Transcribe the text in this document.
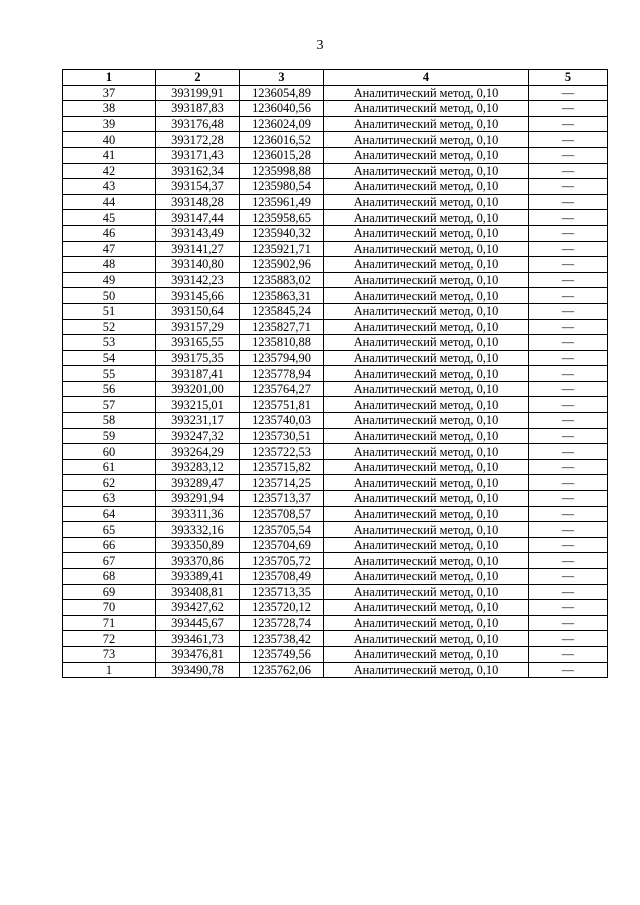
3
1	2	3	4	5
37	393199,91	1236054,89	Аналитический метод, 0,10	—
38	393187,83	1236040,56	Аналитический метод, 0,10	—
39	393176,48	1236024,09	Аналитический метод, 0,10	—
40	393172,28	1236016,52	Аналитический метод, 0,10	—
41	393171,43	1236015,28	Аналитический метод, 0,10	—
42	393162,34	1235998,88	Аналитический метод, 0,10	—
43	393154,37	1235980,54	Аналитический метод, 0,10	—
44	393148,28	1235961,49	Аналитический метод, 0,10	—
45	393147,44	1235958,65	Аналитический метод, 0,10	—
46	393143,49	1235940,32	Аналитический метод, 0,10	—
47	393141,27	1235921,71	Аналитический метод, 0,10	—
48	393140,80	1235902,96	Аналитический метод, 0,10	—
49	393142,23	1235883,02	Аналитический метод, 0,10	—
50	393145,66	1235863,31	Аналитический метод, 0,10	—
51	393150,64	1235845,24	Аналитический метод, 0,10	—
52	393157,29	1235827,71	Аналитический метод, 0,10	—
53	393165,55	1235810,88	Аналитический метод, 0,10	—
54	393175,35	1235794,90	Аналитический метод, 0,10	—
55	393187,41	1235778,94	Аналитический метод, 0,10	—
56	393201,00	1235764,27	Аналитический метод, 0,10	—
57	393215,01	1235751,81	Аналитический метод, 0,10	—
58	393231,17	1235740,03	Аналитический метод, 0,10	—
59	393247,32	1235730,51	Аналитический метод, 0,10	—
60	393264,29	1235722,53	Аналитический метод, 0,10	—
61	393283,12	1235715,82	Аналитический метод, 0,10	—
62	393289,47	1235714,25	Аналитический метод, 0,10	—
63	393291,94	1235713,37	Аналитический метод, 0,10	—
64	393311,36	1235708,57	Аналитический метод, 0,10	—
65	393332,16	1235705,54	Аналитический метод, 0,10	—
66	393350,89	1235704,69	Аналитический метод, 0,10	—
67	393370,86	1235705,72	Аналитический метод, 0,10	—
68	393389,41	1235708,49	Аналитический метод, 0,10	—
69	393408,81	1235713,35	Аналитический метод, 0,10	—
70	393427,62	1235720,12	Аналитический метод, 0,10	—
71	393445,67	1235728,74	Аналитический метод, 0,10	—
72	393461,73	1235738,42	Аналитический метод, 0,10	—
73	393476,81	1235749,56	Аналитический метод, 0,10	—
1	393490,78	1235762,06	Аналитический метод, 0,10	—
